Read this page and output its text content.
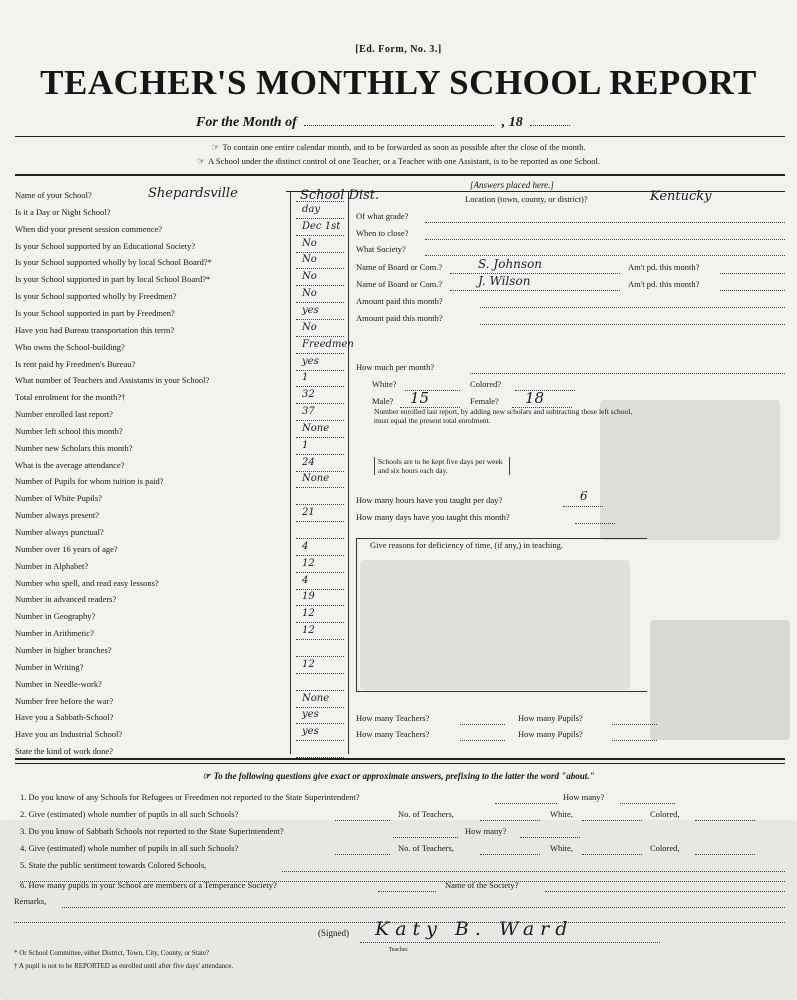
[Ed. Form, No. 3.]
TEACHER'S MONTHLY SCHOOL REPORT
For the Month of	, 18
☞ To contain one entire calendar month, and to be forwarded as soon as possible after the close of the month.
☞ A School under the distinct control of one Teacher, or a Teacher with one Assistant, is to be reported as one School.
[Answers placed here.]
Name of your School?	Shepardsville
Is it a Day or Night School?	day
When did your present session commence?	Dec 1st
Is your School supported by an Educational Society?	No
Is your School supported wholly by local School Board?*	No
Is your School supported in part by local School Board?*	No
Is your School supported wholly by Freedmen?	No
Is your School supported in part by Freedmen?	yes
Have you had Bureau transportation this term?	No
Who owns the School-building?	Freedmen
Is rent paid by Freedmen's Bureau?	yes
What number of Teachers and Assistants in your School?	1
Total enrolment for the month?†	32
Number enrolled last report?	37
Number left school this month?	None
Number new Scholars this month?	1
What is the average attendance?	24
Number of Pupils for whom tuition is paid?	None
Number of White Pupils?
Number always present?	21
Number always punctual?
Number over 16 years of age?	4
Number in Alphabet?	12
Number who spell, and read easy lessons?	4
Number in advanced readers?	19
Number in Geography?	12
Number in Arithmetic?	12
Number in higher branches?
Number in Writing?	12
Number in Needle-work?
Number free before the war?	None
Have you a Sabbath-School?	yes
Have you an Industrial School?	yes
State the kind of work done?
School Dist.	Location (town, county, or district)?	Kentucky
Of what grade?
When to close?
What Society?
Name of Board or Com.?	S. Johnson	Am't pd. this month?
Name of Board or Com.?	J. Wilson	Am't pd. this month?
Amount paid this month?
Amount paid this month?
How much per month?
White?	Colored?
Male? 15	Female? 18
Number enrolled last report, by adding new scholars and subtracting those left school, must equal the present total enrolment.
Schools are to be kept five days per week and six hours each day.
How many hours have you taught per day?	6
How many days have you taught this month?
Give reasons for deficiency of time, (if any,) in teaching.
How many Teachers?	How many Pupils?
How many Teachers?	How many Pupils?
☞ To the following questions give exact or approximate answers, prefixing to the latter the word "about."
1. Do you know of any Schools for Refugees or Freedmen not reported to the State Superintendent?	How many?
2. Give (estimated) whole number of pupils in all such Schools?	No. of Teachers,	White,	Colored,
3. Do you know of Sabbath Schools not reported to the State Superintendent?	How many?
4. Give (estimated) whole number of pupils in all such Schools?	No. of Teachers,	White,	Colored,
5. State the public sentiment towards Colored Schools,
6. How many pupils in your School are members of a Temperance Society?	Name of the Society?
Remarks,
(Signed) Katy B. Ward
Teacher.
* Or School Committee, either District, Town, City, County, or State?
† A pupil is not to be REPORTED as enrolled until after five days' attendance.
